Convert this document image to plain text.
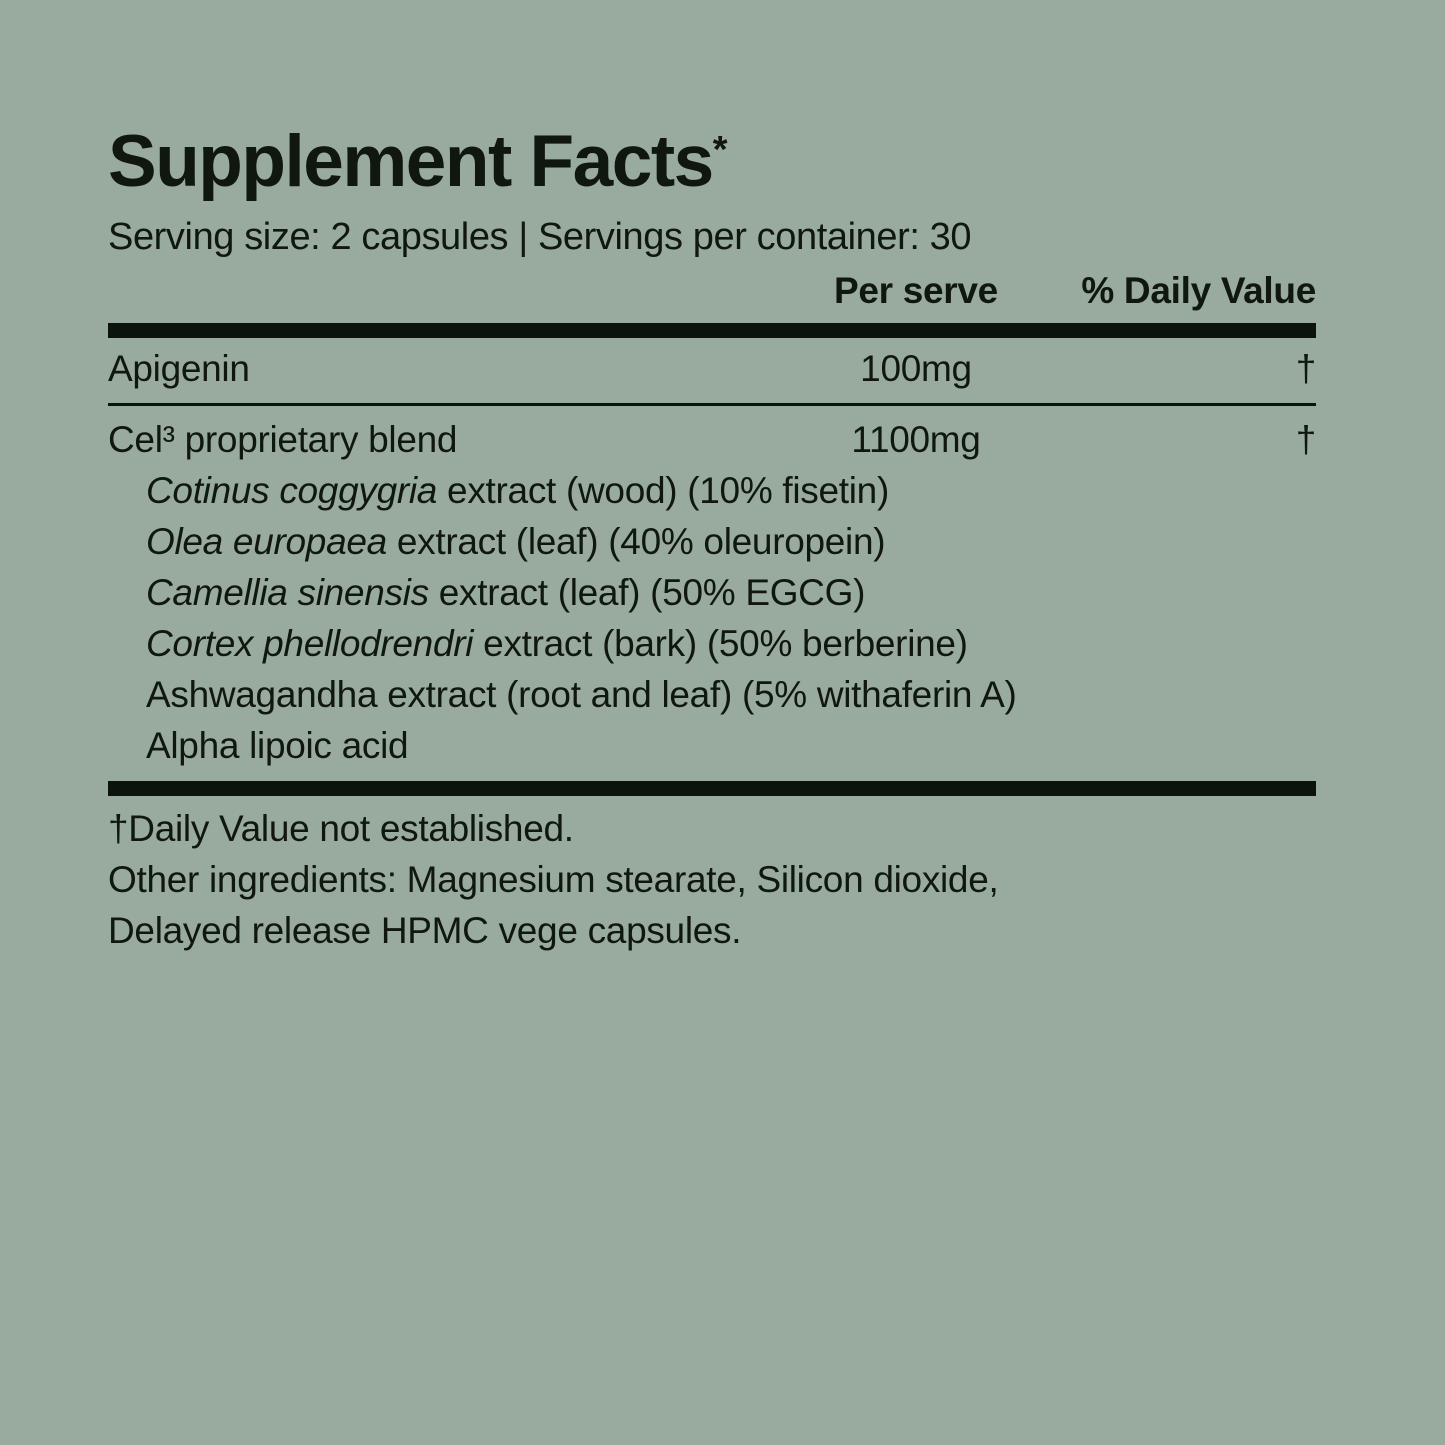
Supplement Facts*
Serving size: 2 capsules | Servings per container: 30
Per serve	% Daily Value
Apigenin	100mg	†
Cel³ proprietary blend	1100mg	†
Cotinus coggygria extract (wood) (10% fisetin)
Olea europaea extract (leaf) (40% oleuropein)
Camellia sinensis extract (leaf) (50% EGCG)
Cortex phellodrendri extract (bark) (50% berberine)
Ashwagandha extract (root and leaf) (5% withaferin A)
Alpha lipoic acid
†Daily Value not established.
Other ingredients: Magnesium stearate, Silicon dioxide,
Delayed release HPMC vege capsules.
